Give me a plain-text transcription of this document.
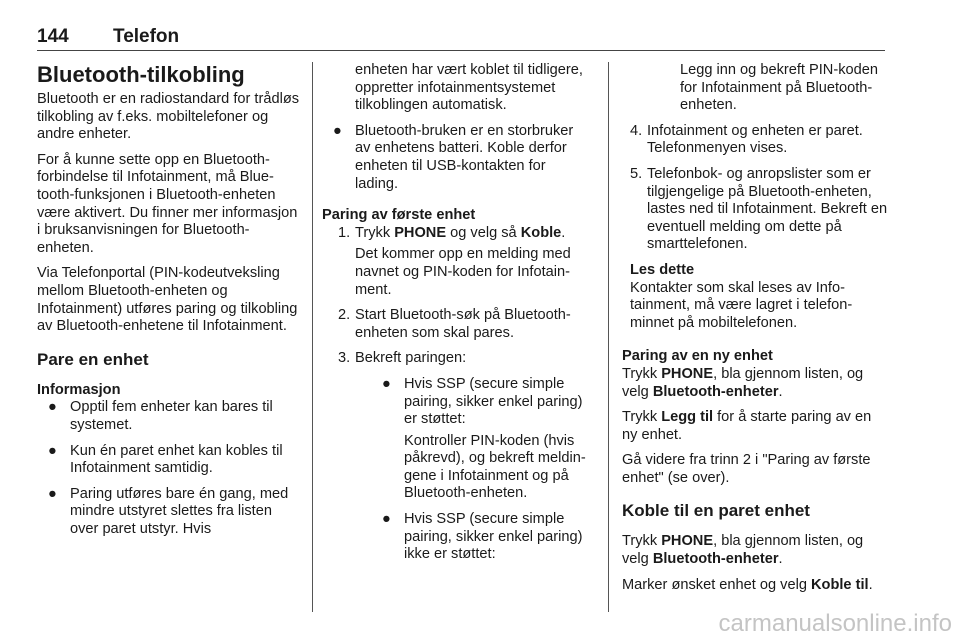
144 Telefon
Bluetooth-tilkobling

Bluetooth er en radiostandard for trådløs tilkobling av f.eks. mobiltelefoner og andre enheter.

For å kunne sette opp en Bluetooth-forbindelse til Infotainment, må Bluetooth-funksjonen i Bluetooth-enheten være aktivert. Du finner mer informasjon i bruksanvisningen for Bluetooth-enheten.

Via Telefonportal (PIN-kodeutveksling mellom Bluetooth-enheten og Infotainment) utføres paring og tilkobling av Bluetooth-enhetene til Infotainment.

Pare en enhet
Informasjon
● Opptil fem enheter kan bares til systemet.
● Kun én paret enhet kan kobles til Infotainment samtidig.
● Paring utføres bare én gang, med mindre utstyret slettes fra listen over paret utstyr. Hvis
enheten har vært koblet til tidligere, oppretter infotainmentsystemet tilkoblingen automatisk.
● Bluetooth-bruken er en storbruker av enhetens batteri. Koble derfor enheten til USB-kontakten for lading.
Paring av første enhet
1. Trykk PHONE og velg så Koble.
Det kommer opp en melding med navnet og PIN-koden for Infotainment.
2. Start Bluetooth-søk på Bluetooth-enheten som skal pares.
3. Bekreft paringen:
● Hvis SSP (secure simple pairing, sikker enkel paring) er støttet:
Kontroller PIN-koden (hvis påkrevd), og bekreft meldingene i Infotainment og på Bluetooth-enheten.
● Hvis SSP (secure simple pairing, sikker enkel paring) ikke er støttet:
Legg inn og bekreft PIN-koden for Infotainment på Bluetooth-enheten.
4. Infotainment og enheten er paret. Telefonmenyen vises.
5. Telefonbok- og anropslister som er tilgjengelige på Bluetooth-enheten, lastes ned til Infotainment. Bekreft en eventuell melding om dette på smarttelefonen.
Les dette
Kontakter som skal leses av Infotainment, må være lagret i telefonminnet på mobiltelefonen.
Paring av en ny enhet

Trykk PHONE, bla gjennom listen, og velg Bluetooth-enheter.

Trykk Legg til for å starte paring av en ny enhet.

Gå videre fra trinn 2 i "Paring av første enhet" (se over).

Koble til en paret enhet

Trykk PHONE, bla gjennom listen, og velg Bluetooth-enheter.

Marker ønsket enhet og velg Koble til.

carmanualsonline.info
